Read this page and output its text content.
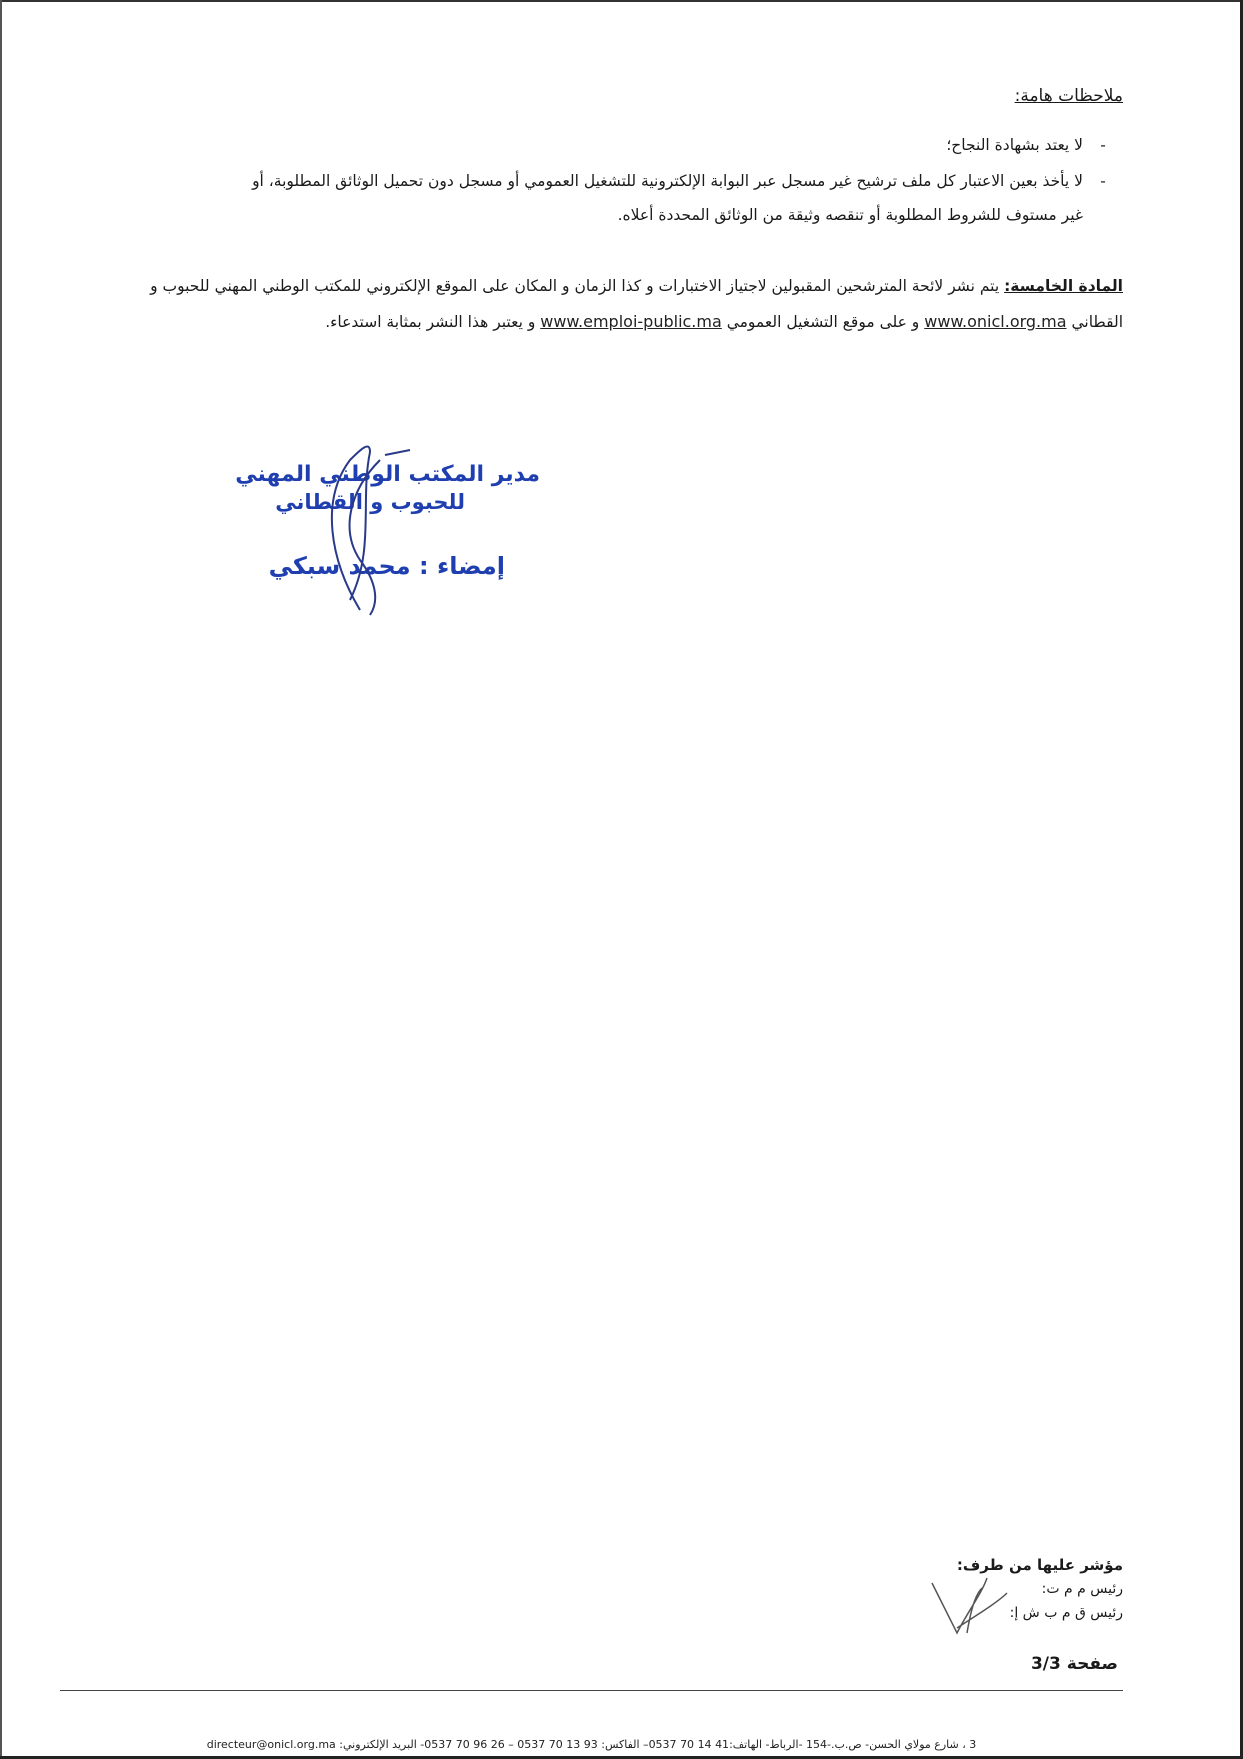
ملاحظات هامة:
-لا يعتد بشهادة النجاح؛
-لا يأخذ بعين الاعتبار كل ملف ترشيح غير مسجل عبر البوابة الإلكترونية للتشغيل العمومي أو مسجل دون تحميل الوثائق المطلوبة، أو
غير مستوف للشروط المطلوبة أو تنقصه وثيقة من الوثائق المحددة أعلاه.
المادة الخامسة: يتم نشر لائحة المترشحين المقبولين لاجتياز الاختبارات و كذا الزمان و المكان على الموقع الإلكتروني للمكتب الوطني المهني للحبوب و
القطاني www.onicl.org.ma و على موقع التشغيل العمومي www.emploi-public.ma و يعتبر هذا النشر بمثابة استدعاء.
مدير المكتب الوطني المهني
للحبوب و القطاني
إمضاء : محمد سبكي
مؤشر عليها من طرف:
رئيس م م ت:
رئيس ق م ب ش إ:
صفحة 3/3
3 ، شارع مولاي الحسن- ص.ب.-154 -الرباط- الهاتف:41 14 70 0537– الفاكس: 93 13 70 0537 – 26 96 70 0537- البريد الإلكتروني: directeur@onicl.org.ma
